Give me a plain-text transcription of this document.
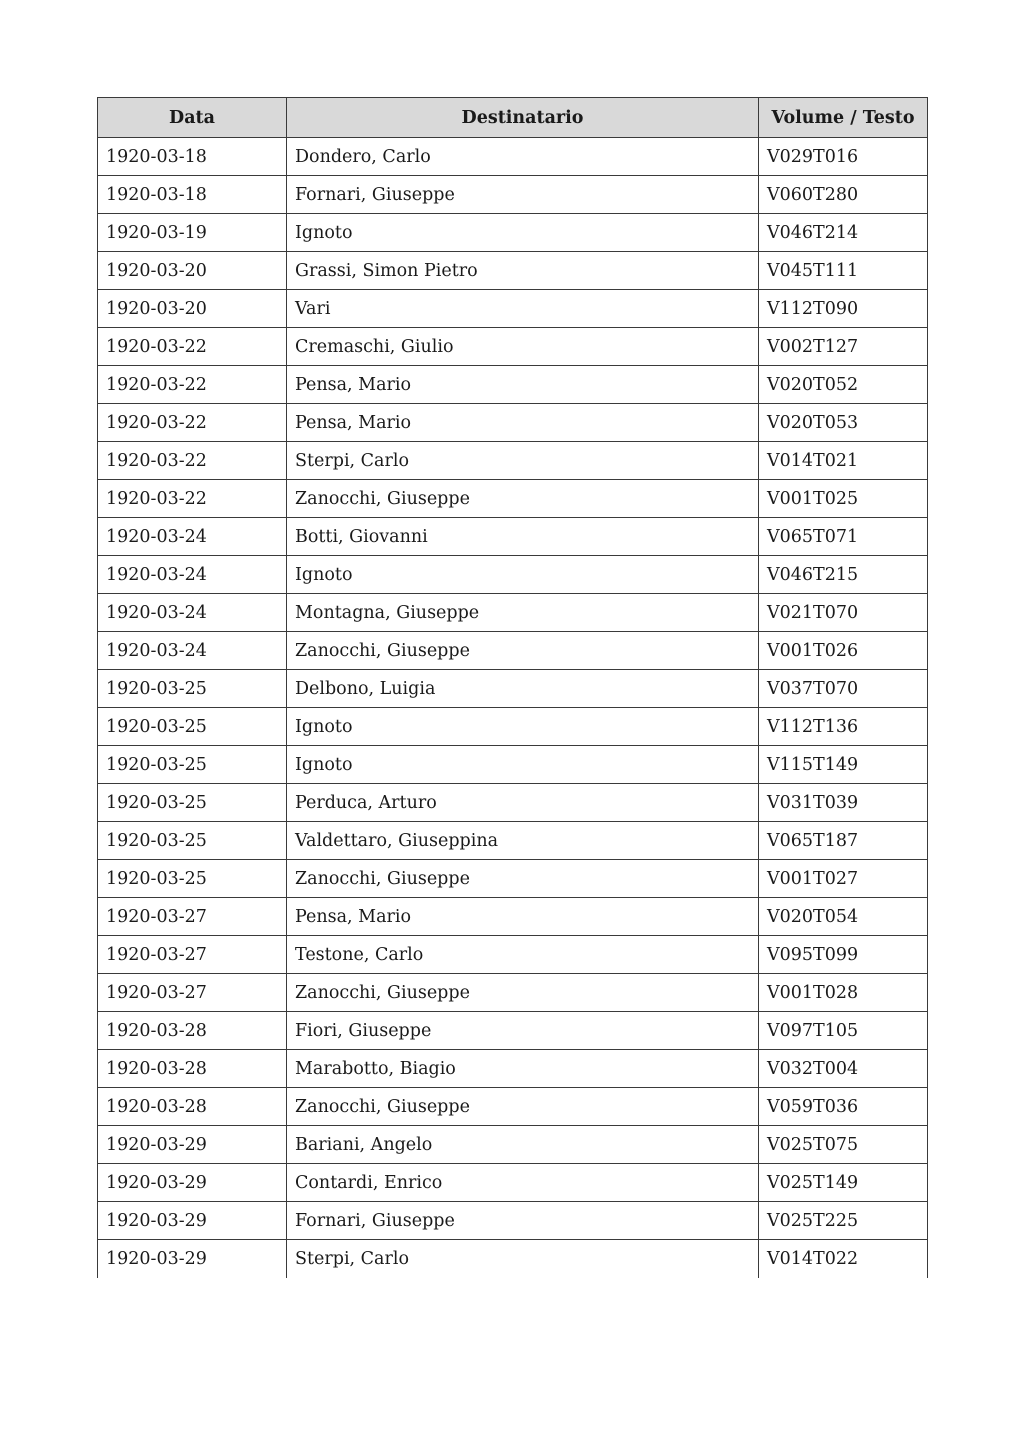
Data	Destinatario	Volume / Testo
1920-03-18	Dondero, Carlo	V029T016
1920-03-18	Fornari, Giuseppe	V060T280
1920-03-19	Ignoto	V046T214
1920-03-20	Grassi, Simon Pietro	V045T111
1920-03-20	Vari	V112T090
1920-03-22	Cremaschi, Giulio	V002T127
1920-03-22	Pensa, Mario	V020T052
1920-03-22	Pensa, Mario	V020T053
1920-03-22	Sterpi, Carlo	V014T021
1920-03-22	Zanocchi, Giuseppe	V001T025
1920-03-24	Botti, Giovanni	V065T071
1920-03-24	Ignoto	V046T215
1920-03-24	Montagna, Giuseppe	V021T070
1920-03-24	Zanocchi, Giuseppe	V001T026
1920-03-25	Delbono, Luigia	V037T070
1920-03-25	Ignoto	V112T136
1920-03-25	Ignoto	V115T149
1920-03-25	Perduca, Arturo	V031T039
1920-03-25	Valdettaro, Giuseppina	V065T187
1920-03-25	Zanocchi, Giuseppe	V001T027
1920-03-27	Pensa, Mario	V020T054
1920-03-27	Testone, Carlo	V095T099
1920-03-27	Zanocchi, Giuseppe	V001T028
1920-03-28	Fiori, Giuseppe	V097T105
1920-03-28	Marabotto, Biagio	V032T004
1920-03-28	Zanocchi, Giuseppe	V059T036
1920-03-29	Bariani, Angelo	V025T075
1920-03-29	Contardi, Enrico	V025T149
1920-03-29	Fornari, Giuseppe	V025T225
1920-03-29	Sterpi, Carlo	V014T022
